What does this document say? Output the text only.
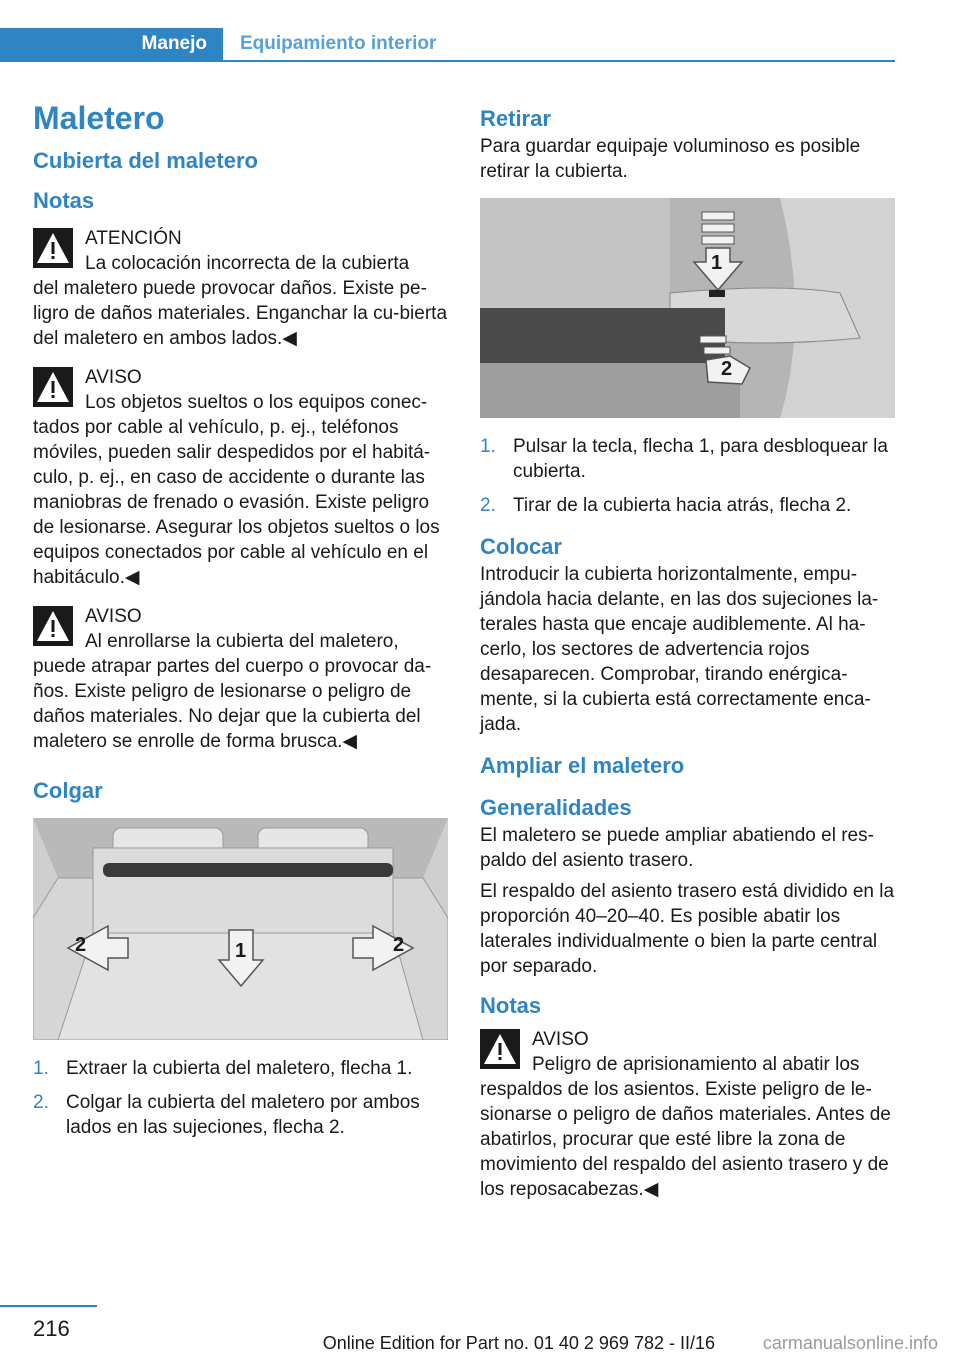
Manejo	Equipamiento interior
Maletero
Cubierta del maletero
Notas
ATENCIÓN
La colocación incorrecta de la cubierta
del maletero puede provocar daños. Existe pe‐ligro de daños materiales. Enganchar la cu‐bierta del maletero en ambos lados.◀
AVISO
Los objetos sueltos o los equipos conec‐
tados por cable al vehículo, p. ej., teléfonos móviles, pueden salir despedidos por el habitá‐culo, p. ej., en caso de accidente o durante las maniobras de frenado o evasión. Existe peligro de lesionarse. Asegurar los objetos sueltos o los equipos conectados por cable al vehículo en el habitáculo.◀
AVISO
Al enrollarse la cubierta del maletero,
puede atrapar partes del cuerpo o provocar da‐ños. Existe peligro de lesionarse o peligro de daños materiales. No dejar que la cubierta del maletero se enrolle de forma brusca.◀
Colgar
2	1	2
1. Extraer la cubierta del maletero, flecha 1.
2. Colgar la cubierta del maletero por ambos lados en las sujeciones, flecha 2.
Retirar

Para guardar equipaje voluminoso es posible retirar la cubierta.

1
2
1. Pulsar la tecla, flecha 1, para desbloquear la cubierta.
2. Tirar de la cubierta hacia atrás, flecha 2.
Colocar

Introducir la cubierta horizontalmente, empu‐jándola hacia delante, en las dos sujeciones la‐terales hasta que encaje audiblemente. Al ha‐cerlo, los sectores de advertencia rojos desaparecen. Comprobar, tirando enérgica‐mente, si la cubierta está correctamente enca‐jada.

Ampliar el maletero
Generalidades

El maletero se puede ampliar abatiendo el res‐paldo del asiento trasero.

El respaldo del asiento trasero está dividido en la proporción 40–20–40. Es posible abatir los laterales individualmente o bien la parte central por separado.

Notas
AVISO
Peligro de aprisionamiento al abatir los
respaldos de los asientos. Existe peligro de le‐sionarse o peligro de daños materiales. Antes de abatirlos, procurar que esté libre la zona de movimiento del respaldo del asiento trasero y de los reposacabezas.◀
216
Online Edition for Part no. 01 40 2 969 782 - II/16	carmanualsonline.info
